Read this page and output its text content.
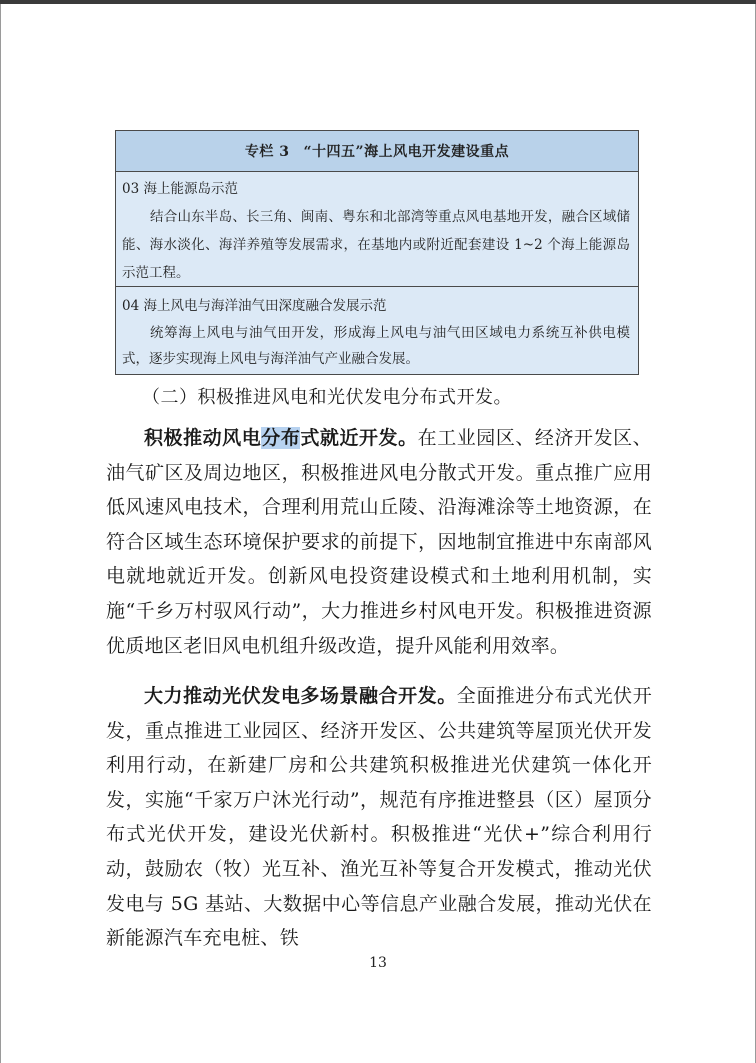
专栏 3 “十四五”海上风电开发建设重点
03 海上能源岛示范
结合山东半岛、长三角、闽南、粤东和北部湾等重点风电基地开发，融合区域储能、海水淡化、海洋养殖等发展需求，在基地内或附近配套建设 1~2 个海上能源岛示范工程。
04 海上风电与海洋油气田深度融合发展示范
统筹海上风电与油气田开发，形成海上风电与油气田区域电力系统互补供电模式，逐步实现海上风电与海洋油气产业融合发展。
（二）积极推进风电和光伏发电分布式开发。
积极推动风电分布式就近开发。在工业园区、经济开发区、油气矿区及周边地区，积极推进风电分散式开发。重点推广应用低风速风电技术，合理利用荒山丘陵、沿海滩涂等土地资源，在符合区域生态环境保护要求的前提下，因地制宜推进中东南部风电就地就近开发。创新风电投资建设模式和土地利用机制，实施“千乡万村驭风行动”，大力推进乡村风电开发。积极推进资源优质地区老旧风电机组升级改造，提升风能利用效率。
大力推动光伏发电多场景融合开发。全面推进分布式光伏开发，重点推进工业园区、经济开发区、公共建筑等屋顶光伏开发利用行动，在新建厂房和公共建筑积极推进光伏建筑一体化开发，实施“千家万户沐光行动”，规范有序推进整县（区）屋顶分布式光伏开发，建设光伏新村。积极推进“光伏+”综合利用行动，鼓励农（牧）光互补、渔光互补等复合开发模式，推动光伏发电与 5G 基站、大数据中心等信息产业融合发展，推动光伏在新能源汽车充电桩、铁
13
